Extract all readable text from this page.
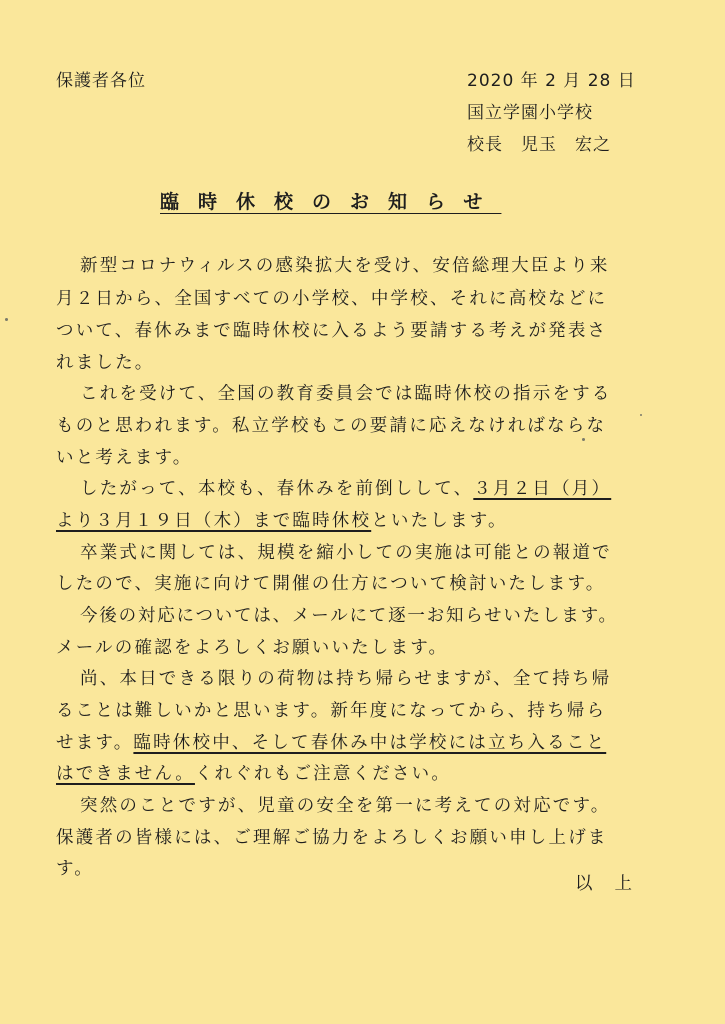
保護者各位	2020 年 2 月 28 日
国立学園小学校
校長　児玉　宏之
臨時休校のお知らせ
新型コロナウィルスの感染拡大を受け、安倍総理大臣より来
月２日から、全国すべての小学校、中学校、それに高校などに
ついて、春休みまで臨時休校に入るよう要請する考えが発表さ
れました。
これを受けて、全国の教育委員会では臨時休校の指示をする
ものと思われます。私立学校もこの要請に応えなければならな
いと考えます。
したがって、本校も、春休みを前倒しして、３月２日（月）
より３月１９日（木）まで臨時休校といたします。
卒業式に関しては、規模を縮小しての実施は可能との報道で
したので、実施に向けて開催の仕方について検討いたします。
今後の対応については、メールにて逐一お知らせいたします。
メールの確認をよろしくお願いいたします。
尚、本日できる限りの荷物は持ち帰らせますが、全て持ち帰
ることは難しいかと思います。新年度になってから、持ち帰ら
せます。臨時休校中、そして春休み中は学校には立ち入ること
はできません。くれぐれもご注意ください。
突然のことですが、児童の安全を第一に考えての対応です。
保護者の皆様には、ご理解ご協力をよろしくお願い申し上げま
す。
以上
